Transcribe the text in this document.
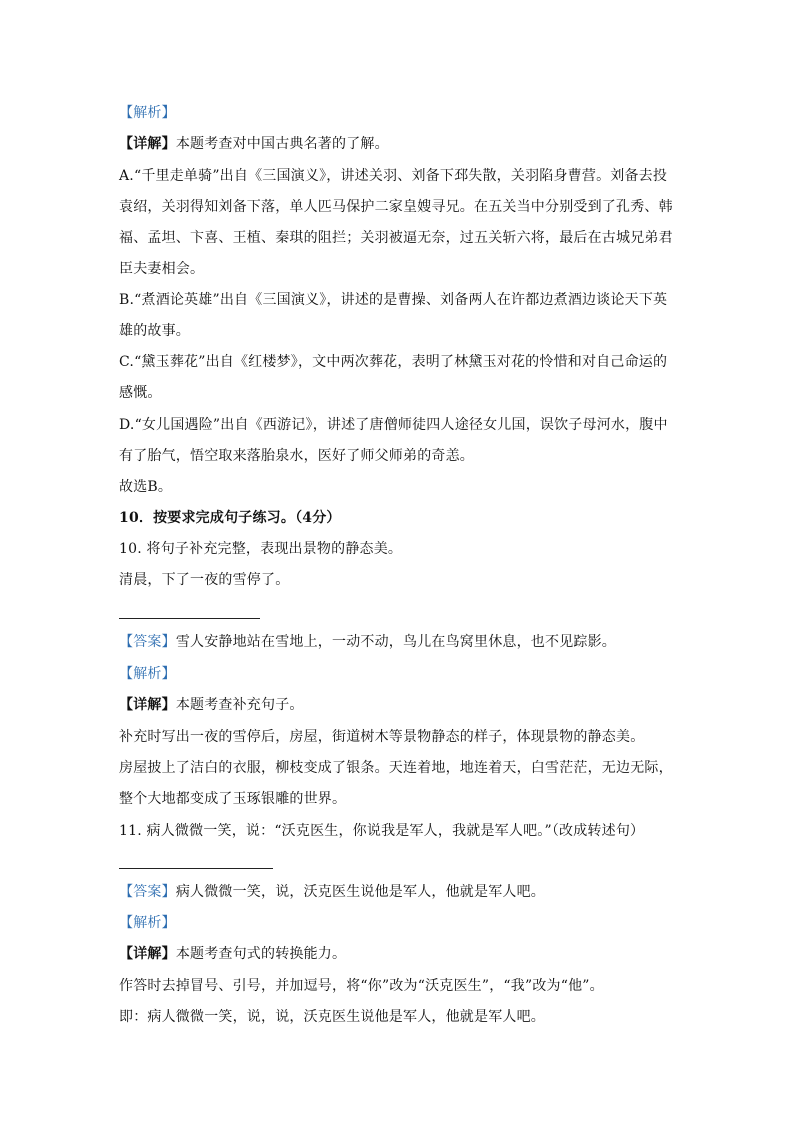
【解析】
【详解】本题考查对中国古典名著的了解。
A.“千里走单骑”出自《三国演义》，讲述关羽、刘备下邳失散，关羽陷身曹营。刘备去投
袁绍，关羽得知刘备下落，单人匹马保护二家皇嫂寻兄。在五关当中分别受到了孔秀、韩
福、孟坦、卞喜、王植、秦琪的阻拦；关羽被逼无奈，过五关斩六将，最后在古城兄弟君
臣夫妻相会。
B.“煮酒论英雄”出自《三国演义》，讲述的是曹操、刘备两人在许都边煮酒边谈论天下英
雄的故事。
C.“黛玉葬花”出自《红楼梦》，文中两次葬花，表明了林黛玉对花的怜惜和对自己命运的
感慨。
D.“女儿国遇险”出自《西游记》，讲述了唐僧师徒四人途径女儿国，误饮子母河水，腹中
有了胎气，悟空取来落胎泉水，医好了师父师弟的奇恙。
故选B。
10．按要求完成句子练习。（4分）
10. 将句子补充完整，表现出景物的静态美。
清晨，下了一夜的雪停了。
【答案】雪人安静地站在雪地上，一动不动，鸟儿在鸟窝里休息，也不见踪影。
【解析】
【详解】本题考查补充句子。
补充时写出一夜的雪停后，房屋，街道树木等景物静态的样子，体现景物的静态美。
房屋披上了洁白的衣服，柳枝变成了银条。天连着地，地连着天，白雪茫茫，无边无际，
整个大地都变成了玉琢银雕的世界。
11. 病人微微一笑，说：“沃克医生，你说我是军人，我就是军人吧。”（改成转述句）
【答案】病人微微一笑，说，沃克医生说他是军人，他就是军人吧。
【解析】
【详解】本题考查句式的转换能力。
作答时去掉冒号、引号，并加逗号，将“你”改为“沃克医生”，“我”改为“他”。
即：病人微微一笑，说，说，沃克医生说他是军人，他就是军人吧。
